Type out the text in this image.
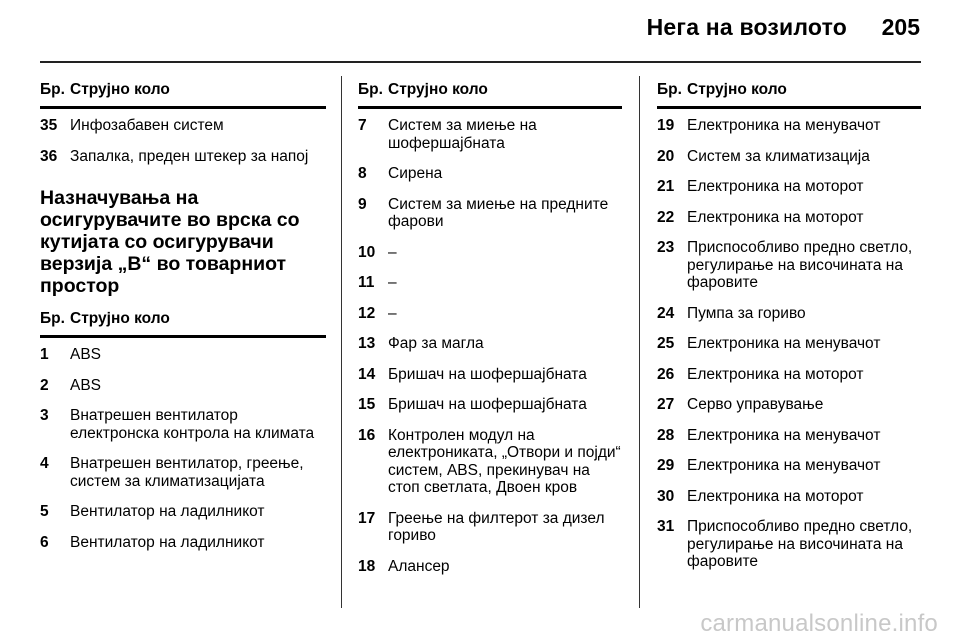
Нега на возилото 205
Бр. Струјно коло
35 Инфозабавен систем
36 Запалка, преден штекер за напој
Назначувања на осигурувачите во врска со кутијата со осигурувачи верзија „B“ во товарниот простор
Бр. Струјно коло
1	ABS
2	ABS
3	Внатрешен вентилатор електронска контрола на климата
4	Внатрешен вентилатор, греење, систем за климатизацијата
5	Вентилатор на ладилникот
6	Вентилатор на ладилникот
Бр. Струјно коло
7	Систем за миење на шофершајбната
8	Сирена
9	Систем за миење на предните фарови
10 –
11 –
12 –
13 Фар за магла
14 Бришач на шофершајбната
15 Бришач на шофершајбната
16 Контролен модул на електрониката, „Отвори и појди“ систем, ABS, прекинувач на стоп светлата, Двоен кров
17 Греење на филтерот за дизел гориво
18 Алансер
Бр. Струјно коло
19 Електроника на менувачот
20 Систем за климатизација
21 Електроника на моторот
22 Електроника на моторот
23 Приспособливо предно светло, регулирање на височината на фаровите
24 Пумпа за гориво
25 Електроника на менувачот
26 Електроника на моторот
27 Серво управување
28 Електроника на менувачот
29 Електроника на менувачот
30 Електроника на моторот
31 Приспособливо предно светло, регулирање на височината на фаровите
carmanualsonline.info
